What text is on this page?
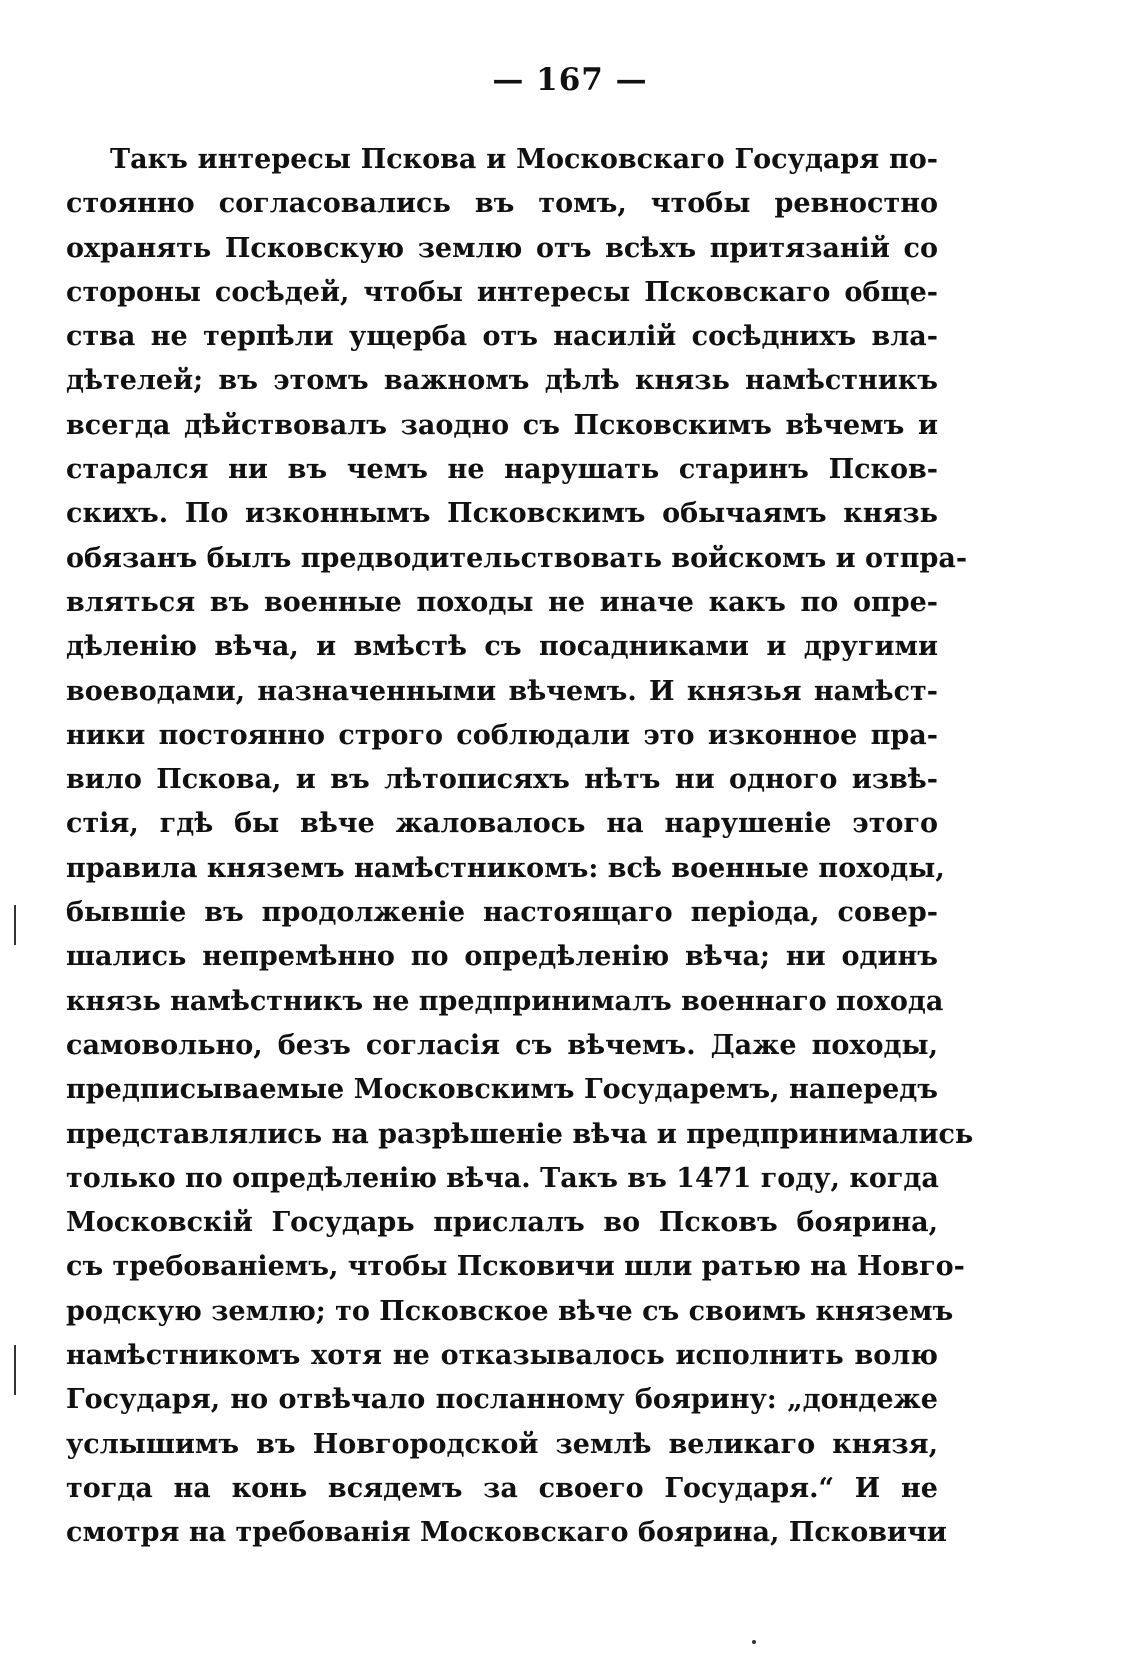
— 167 —
Такъ интересы Пскова и Московскаго Государя по-
стоянно согласовались въ томъ, чтобы ревностно
охранять Псковскую землю отъ всѣхъ притязаній со
стороны сосѣдей, чтобы интересы Псковскаго обще-
ства не терпѣли ущерба отъ насилій сосѣднихъ вла-
дѣтелей; въ этомъ важномъ дѣлѣ князь намѣстникъ
всегда дѣйствовалъ заодно съ Псковскимъ вѣчемъ и
старался ни въ чемъ не нарушать старинъ Псков-
скихъ. По изконнымъ Псковскимъ обычаямъ князь
обязанъ былъ предводительствовать войскомъ и отпра-
вляться въ военные походы не иначе какъ по опре-
дѣленію вѣча, и вмѣстѣ съ посадниками и другими
воеводами, назначенными вѣчемъ. И князья намѣст-
ники постоянно строго соблюдали это изконное пра-
вило Пскова, и въ лѣтописяхъ нѣтъ ни одного извѣ-
стія, гдѣ бы вѣче жаловалось на нарушеніе этого
правила княземъ намѣстникомъ: всѣ военные походы,
бывшіе въ продолженіе настоящаго періода, совер-
шались непремѣнно по опредѣленію вѣча; ни одинъ
князь намѣстникъ не предпринималъ военнаго похода
самовольно, безъ согласія съ вѣчемъ. Даже походы,
предписываемые Московскимъ Государемъ, напередъ
представлялись на разрѣшеніе вѣча и предпринимались
только по опредѣленію вѣча. Такъ въ 1471 году, когда
Московскій Государь прислалъ во Псковъ боярина,
съ требованіемъ, чтобы Псковичи шли ратью на Новго-
родскую землю; то Псковское вѣче съ своимъ княземъ
намѣстникомъ хотя не отказывалось исполнить волю
Государя, но отвѣчало посланному боярину: „дондеже
услышимъ въ Новгородской землѣ великаго князя,
тогда на конь всядемъ за своего Государя.“ И не
смотря на требованія Московскаго боярина, Псковичи
